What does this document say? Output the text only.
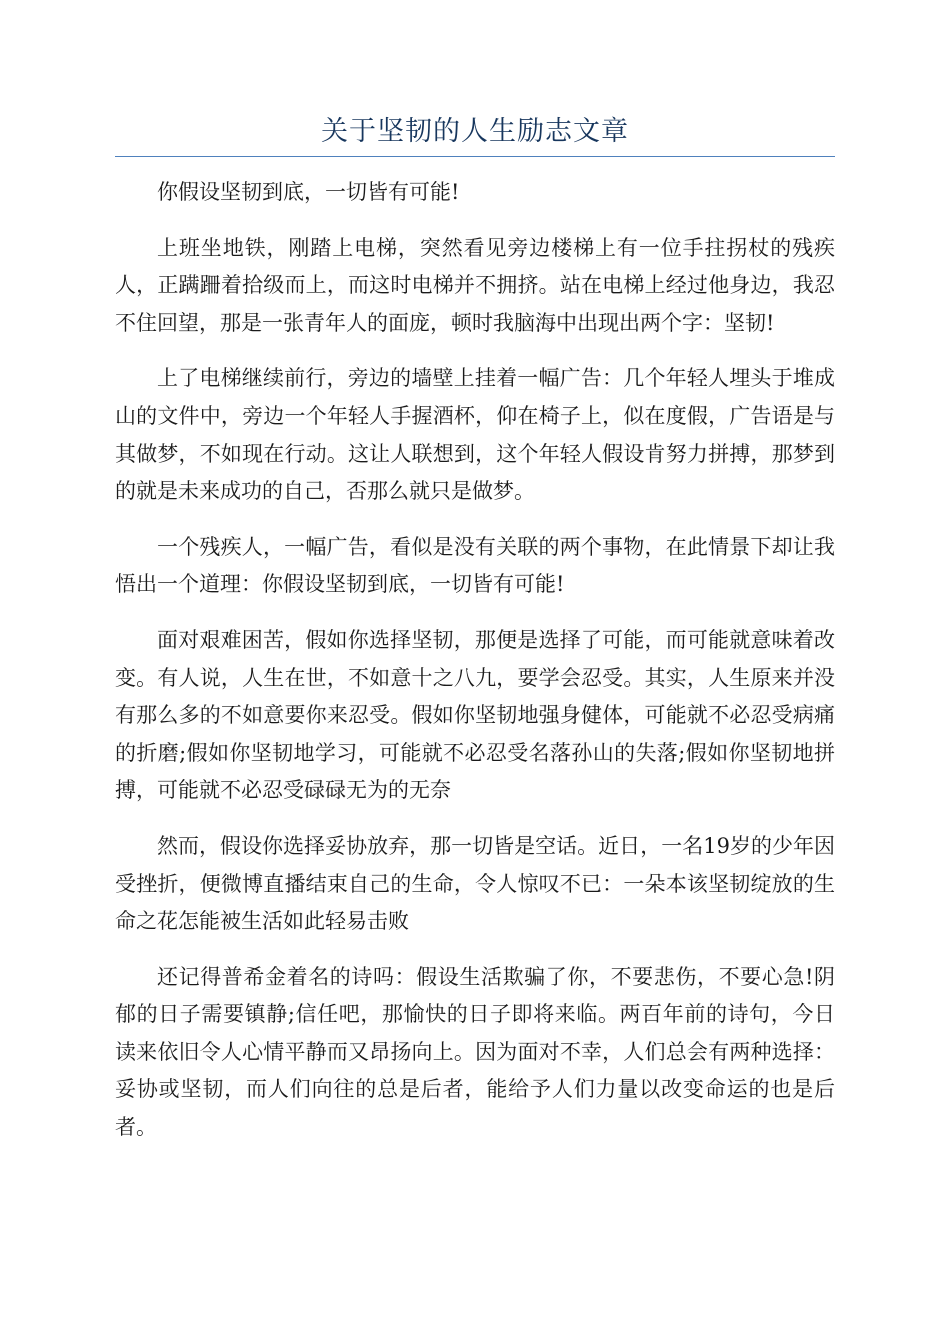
关于坚韧的人生励志文章

你假设坚韧到底，一切皆有可能!

上班坐地铁，刚踏上电梯，突然看见旁边楼梯上有一位手拄拐杖的残疾人，正蹒跚着拾级而上，而这时电梯并不拥挤。站在电梯上经过他身边，我忍不住回望，那是一张青年人的面庞，顿时我脑海中出现出两个字：坚韧!

上了电梯继续前行，旁边的墙壁上挂着一幅广告：几个年轻人埋头于堆成山的文件中，旁边一个年轻人手握酒杯，仰在椅子上，似在度假，广告语是与其做梦，不如现在行动。这让人联想到，这个年轻人假设肯努力拼搏，那梦到的就是未来成功的自己，否那么就只是做梦。

一个残疾人，一幅广告，看似是没有关联的两个事物，在此情景下却让我悟出一个道理：你假设坚韧到底，一切皆有可能!

面对艰难困苦，假如你选择坚韧，那便是选择了可能，而可能就意味着改变。有人说，人生在世，不如意十之八九，要学会忍受。其实，人生原来并没有那么多的不如意要你来忍受。假如你坚韧地强身健体，可能就不必忍受病痛的折磨;假如你坚韧地学习，可能就不必忍受名落孙山的失落;假如你坚韧地拼搏，可能就不必忍受碌碌无为的无奈

然而，假设你选择妥协放弃，那一切皆是空话。近日，一名19岁的少年因受挫折，便微博直播结束自己的生命，令人惊叹不已：一朵本该坚韧绽放的生命之花怎能被生活如此轻易击败

还记得普希金着名的诗吗：假设生活欺骗了你，不要悲伤，不要心急!阴郁的日子需要镇静;信任吧，那愉快的日子即将来临。两百年前的诗句，今日读来依旧令人心情平静而又昂扬向上。因为面对不幸，人们总会有两种选择：妥协或坚韧，而人们向往的总是后者，能给予人们力量以改变命运的也是后者。
